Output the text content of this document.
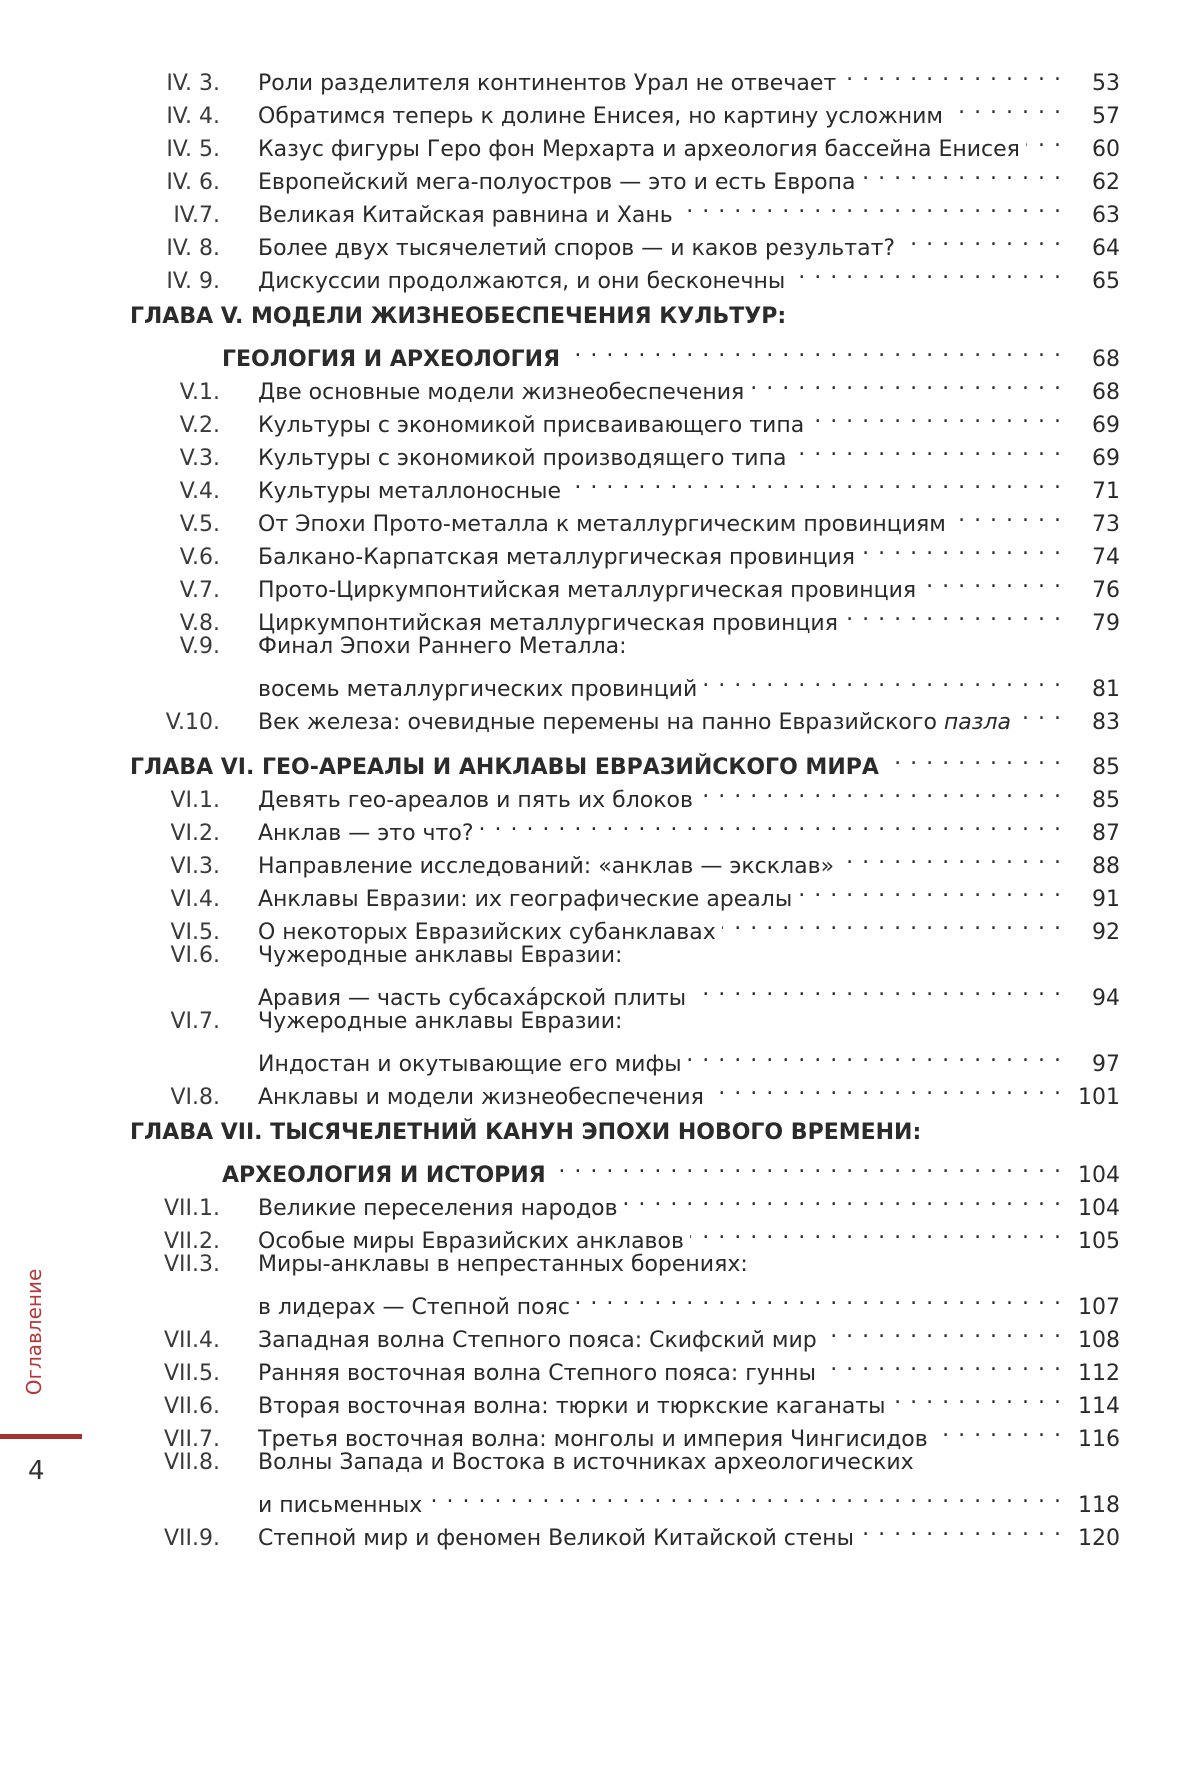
IV. 3.	Роли разделителя континентов Урал не отвечает . . .	53
IV. 4.	Обратимся теперь к долине Енисея, но картину усложним . . .	57
IV. 5.	Казус фигуры Геро фон Мерхарта и археология бассейна Енисея . . .	60
IV. 6.	Европейский мега-полуостров — это и есть Европа . . .	62
IV.7.	Великая Китайская равнина и Хань . . .	63
IV. 8.	Более двух тысячелетий споров — и каков результат? . . .	64
IV. 9.	Дискуссии продолжаются, и они бесконечны . . .	65
ГЛАВА V. МОДЕЛИ ЖИЗНЕОБЕСПЕЧЕНИЯ КУЛЬТУР:
ГЕОЛОГИЯ И АРХЕОЛОГИЯ . . .	68
V.1.	Две основные модели жизнеобеспечения . . .	68
V.2.	Культуры с экономикой присваивающего типа . . .	69
V.3.	Культуры с экономикой производящего типа . . .	69
V.4.	Культуры металлоносные . . .	71
V.5.	От Эпохи Прото-металла к металлургическим провинциям . . .	73
V.6.	Балкано-Карпатская металлургическая провинция . . .	74
V.7.	Прото-Циркумпонтийская металлургическая провинция . . .	76
V.8.	Циркумпонтийская металлургическая провинция . . .	79
V.9.	Финал Эпохи Раннего Металла:
восемь металлургических провинций . . .	81
V.10.	Век железа: очевидные перемены на панно Евразийского пазла . . .	83
ГЛАВА VI. ГЕО-АРЕАЛЫ И АНКЛАВЫ ЕВРАЗИЙСКОГО МИРА . . .	85
VI.1.	Девять гео-ареалов и пять их блоков . . .	85
VI.2.	Анклав — это что? . . .	87
VI.3.	Направление исследований: «анклав — эксклав» . . .	88
VI.4.	Анклавы Евразии: их географические ареалы . . .	91
VI.5.	О некоторых Евразийских субанклавах . . .	92
VI.6.	Чужеродные анклавы Евразии:
Аравия — часть субсаха́рской плиты . . .	94
VI.7.	Чужеродные анклавы Евразии:
Индостан и окутывающие его мифы . . .	97
VI.8.	Анклавы и модели жизнеобеспечения . . .	101
ГЛАВА VII. ТЫСЯЧЕЛЕТНИЙ КАНУН ЭПОХИ НОВОГО ВРЕМЕНИ:
АРХЕОЛОГИЯ И ИСТОРИЯ . . .	104
VII.1.	Великие переселения народов . . .	104
VII.2.	Особые миры Евразийских анклавов . . .	105
VII.3.	Миры-анклавы в непрестанных борениях:
в лидерах — Степной пояс . . .	107
VII.4.	Западная волна Степного пояса: Скифский мир . . .	108
VII.5.	Ранняя восточная волна Степного пояса: гунны . . .	112
VII.6.	Вторая восточная волна: тюрки и тюркские каганаты . . .	114
VII.7.	Третья восточная волна: монголы и империя Чингисидов . . .	116
VII.8.	Волны Запада и Востока в источниках археологических
и письменных . . .	118
VII.9.	Степной мир и феномен Великой Китайской стены . . .	120
Оглавление
4
